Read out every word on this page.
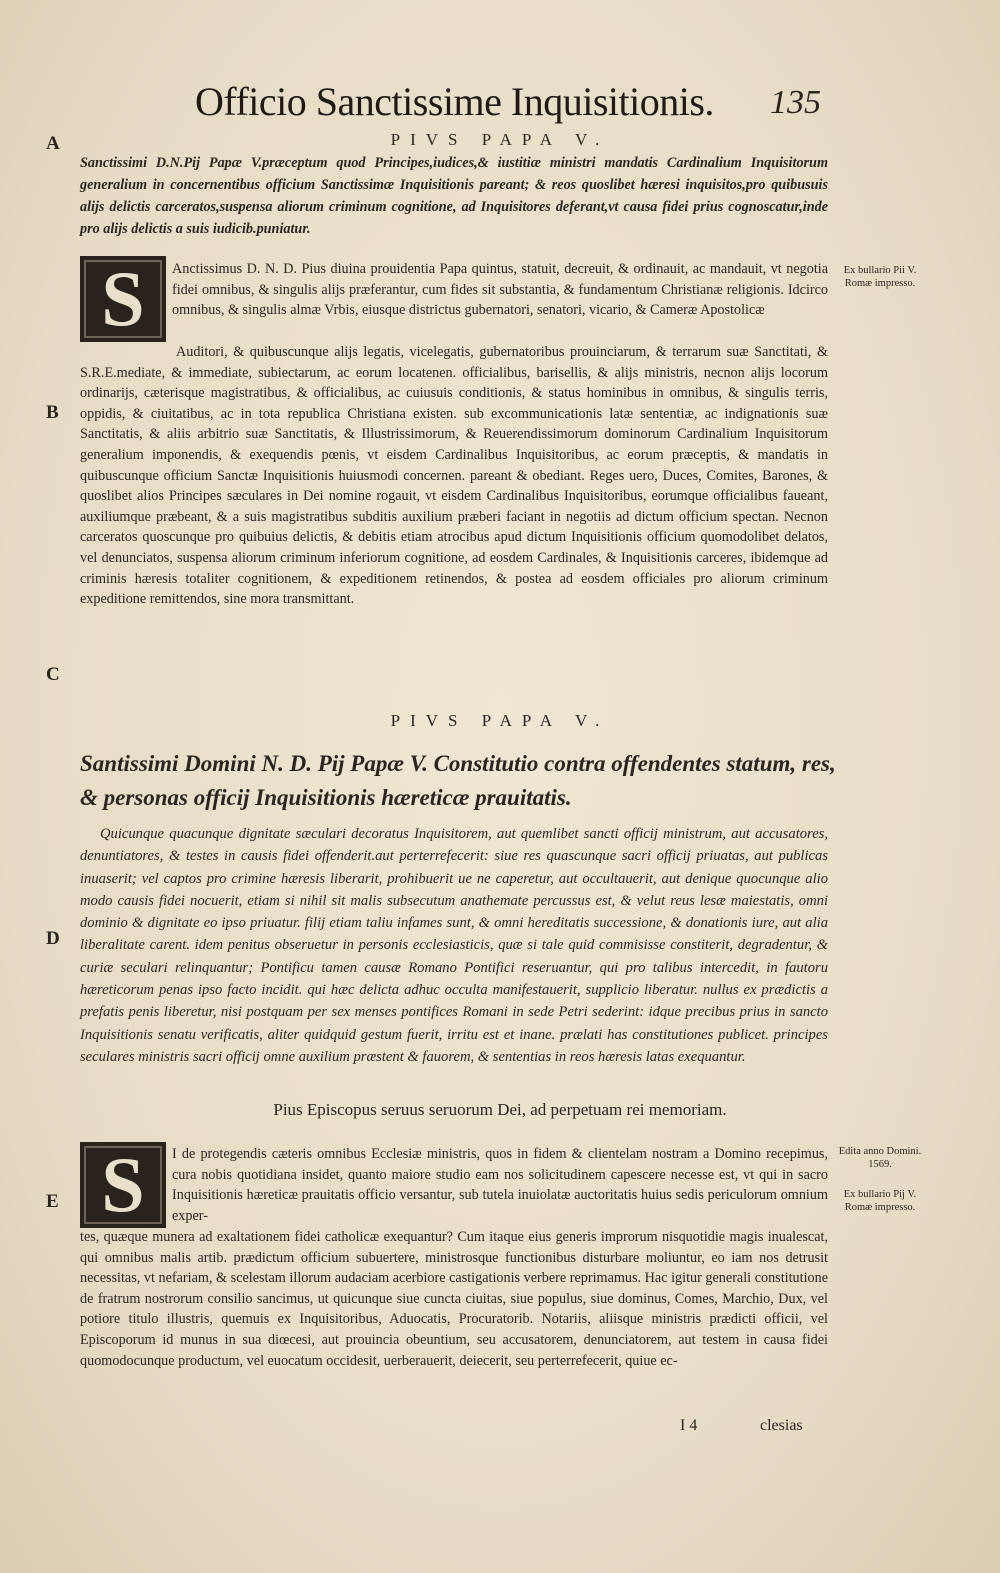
Officio Sanctissime Inquisitionis. 135
A
B
C
D
E
PIVS PAPA V.
Sanctissimi D.N.Pij Papæ V.præceptum quod Principes,iudices,& iustitiæ ministri mandatis Cardinalium Inquisitorum generalium in concernentibus officium Sanctissimæ Inquisitionis pareant; & reos quoslibet hæresi inquisitos,pro quibusuis alijs delictis carceratos,suspensa aliorum criminum cognitione, ad Inquisitores deferant,vt causa fidei prius cognoscatur,inde pro alijs delictis a suis iudicib.puniatur.
S	Anctissimus D. N. D. Pius diuina prouidentia Papa quintus, statuit, decreuit, & ordinauit, ac mandauit, vt negotia fidei omnibus, & singulis alijs præferantur, cum fides sit substantia, & fundamentum Christianæ religionis. Idcirco omnibus, & singulis almæ Vrbis, eiusque districtus gubernatori, senatori, vicario, & Cameræ Apostolicæ
Auditori, & quibuscunque alijs legatis, vicelegatis, gubernatoribus prouinciarum, & terrarum suæ Sanctitati, & S.R.E.mediate, & immediate, subiectarum, ac eorum locatenen. officialibus, barisellis, & alijs ministris, necnon alijs locorum ordinarijs, cæterisque magistratibus, & officialibus, ac cuiusuis conditionis, & status hominibus in omnibus, & singulis terris, oppidis, & ciuitatibus, ac in tota republica Christiana existen. sub excommunicationis latæ sententiæ, ac indignationis suæ Sanctitatis, & aliis arbitrio suæ Sanctitatis, & Illustrissimorum, & Reuerendissimorum dominorum Cardinalium Inquisitorum generalium imponendis, & exequendis pœnis, vt eisdem Cardinalibus Inquisitoribus, ac eorum præceptis, & mandatis in quibuscunque officium Sanctæ Inquisitionis huiusmodi concernen. pareant & obediant. Reges uero, Duces, Comites, Barones, & quoslibet alios Principes sæculares in Dei nomine rogauit, vt eisdem Cardinalibus Inquisitoribus, eorumque officialibus faueant, auxiliumque præbeant, & a suis magistratibus subditis auxilium præberi faciant in negotiis ad dictum officium spectan. Necnon carceratos quoscunque pro quibuius delictis, & debitis etiam atrocibus apud dictum Inquisitionis officium quomodolibet delatos, vel denunciatos, suspensa aliorum criminum inferiorum cognitione, ad eosdem Cardinales, & Inquisitionis carceres, ibidemque ad criminis hæresis totaliter cognitionem, & expeditionem retinendos, & postea ad eosdem officiales pro aliorum criminum expeditione remittendos, sine mora transmittant.
Ex bullario Pii V. Romæ impresso.
PIVS PAPA V.
Santissimi Domini N. D. Pij Papæ V. Constitutio contra offendentes statum, res, & personas officij Inquisitionis hæreticæ prauitatis.
Quicunque quacunque dignitate sæculari decoratus Inquisitorem, aut quemlibet sancti officij ministrum, aut accusatores, denuntiatores, & testes in causis fidei offenderit.aut perterrefecerit: siue res quascunque sacri officij priuatas, aut publicas inuaserit; vel captos pro crimine hæresis liberarit, prohibuerit ue ne caperetur, aut occultauerit, aut denique quocunque alio modo causis fidei nocuerit, etiam si nihil sit malis subsecutum anathemate percussus est, & velut reus lesæ maiestatis, omni dominio & dignitate eo ipso priuatur. filij etiam taliu infames sunt, & omni hereditatis successione, & donationis iure, aut alia liberalitate carent. idem penitus obseruetur in personis ecclesiasticis, quæ si tale quid commisisse constiterit, degradentur, & curiæ seculari relinquantur; Pontificu tamen causæ Romano Pontifici reseruantur, qui pro talibus intercedit, in fautoru hæreticorum penas ipso facto incidit. qui hæc delicta adhuc occulta manifestauerit, supplicio liberatur. nullus ex prædictis a prefatis penis liberetur, nisi postquam per sex menses pontifices Romani in sede Petri sederint: idque precibus prius in sancto Inquisitionis senatu verificatis, aliter quidquid gestum fuerit, irritu est et inane. prælati has constitutiones publicet. principes seculares ministris sacri officij omne auxilium præstent & fauorem, & sententias in reos hæresis latas exequantur.
Pius Episcopus seruus seruorum Dei, ad perpetuam rei memoriam.
S	I de protegendis cæteris omnibus Ecclesiæ ministris, quos in fidem & clientelam nostram a Domino recepimus, cura nobis quotidiana insidet, quanto maiore studio eam nos solicitudinem capescere necesse est, vt qui in sacro Inquisitionis hæreticæ prauitatis officio versantur, sub tutela inuiolatæ auctoritatis huius sedis periculorum omnium exper-
tes, quæque munera ad exaltationem fidei catholicæ exequantur? Cum itaque eius generis improrum nisquotidie magis inualescat, qui omnibus malis artib. prædictum officium subuertere, ministrosque functionibus disturbare moliuntur, eo iam nos detrusit necessitas, vt nefariam, & scelestam illorum audaciam acerbiore castigationis verbere reprimamus. Hac igitur generali constitutione de fratrum nostrorum consilio sancimus, ut quicunque siue cuncta ciuitas, siue populus, siue dominus, Comes, Marchio, Dux, vel potiore titulo illustris, quemuis ex Inquisitoribus, Aduocatis, Procuratorib. Notariis, aliisque ministris prædicti officii, vel Episcoporum id munus in sua diœcesi, aut prouincia obeuntium, seu accusatorem, denunciatorem, aut testem in causa fidei quomodocunque productum, vel euocatum occidesit, uerberauerit, deiecerit, seu perterrefecerit, quiue ec-
Edita anno Domini. 1569.
Ex bullario Pij V. Romæ impresso.
I 4	clesias
